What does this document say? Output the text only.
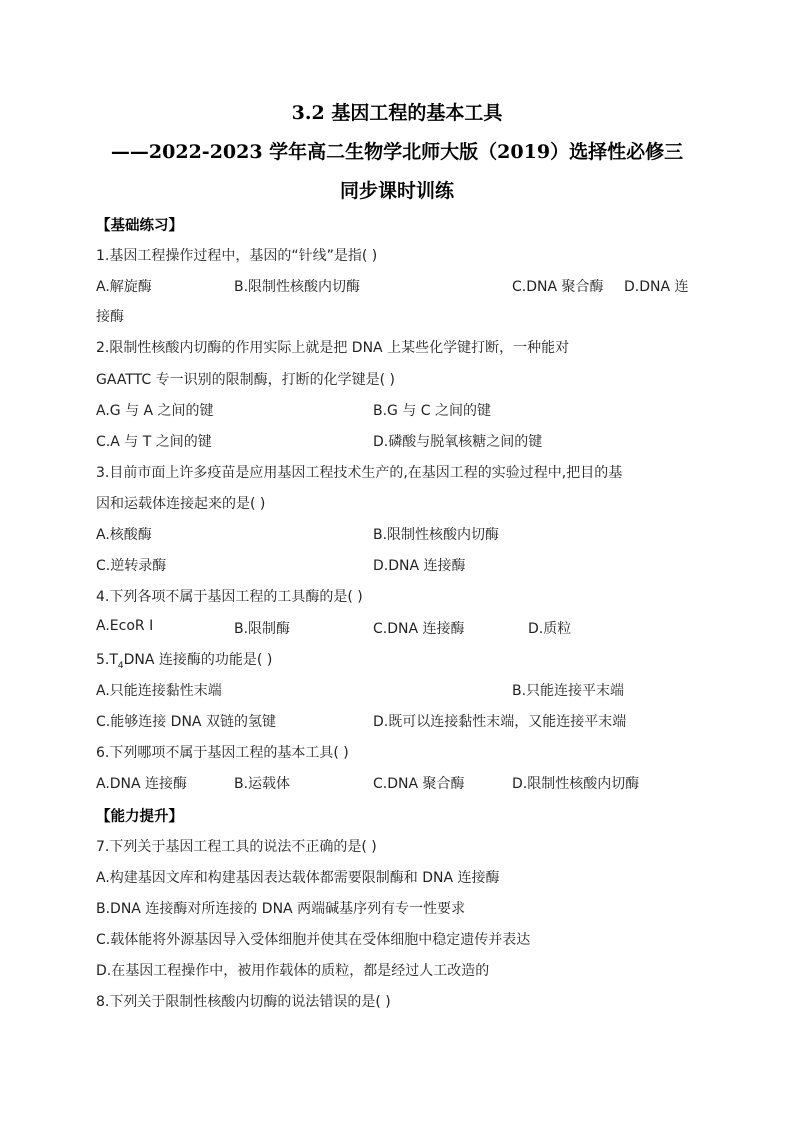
3.2 基因工程的基本工具
——2022-2023 学年高二生物学北师大版（2019）选择性必修三
同步课时训练
【基础练习】
1.基因工程操作过程中，基因的“针线”是指( )
A.解旋酶	B.限制性核酸内切酶	C.DNA 聚合酶 D.DNA 连
接酶
2.限制性核酸内切酶的作用实际上就是把 DNA 上某些化学键打断，一种能对
GAATTC 专一识别的限制酶，打断的化学键是( )
A.G 与 A 之间的键	B.G 与 C 之间的键
C.A 与 T 之间的键	D.磷酸与脱氧核糖之间的键
3.目前市面上许多疫苗是应用基因工程技术生产的,在基因工程的实验过程中,把目的基
因和运载体连接起来的是( )
A.核酸酶	B.限制性核酸内切酶
C.逆转录酶	D.DNA 连接酶
4.下列各项不属于基因工程的工具酶的是( )
A.EcoR Ⅰ	B.限制酶	C.DNA 连接酶	D.质粒
$5.T_4DNA$ 连接酶的功能是( )
A.只能连接黏性末端	B.只能连接平末端
C.能够连接 DNA 双链的氢键	D.既可以连接黏性末端，又能连接平末端
6.下列哪项不属于基因工程的基本工具( )
A.DNA 连接酶	B.运载体	C.DNA 聚合酶	D.限制性核酸内切酶
【能力提升】
7.下列关于基因工程工具的说法不正确的是( )
A.构建基因文库和构建基因表达载体都需要限制酶和 DNA 连接酶
B.DNA 连接酶对所连接的 DNA 两端碱基序列有专一性要求
C.载体能将外源基因导入受体细胞并使其在受体细胞中稳定遗传并表达
D.在基因工程操作中，被用作载体的质粒，都是经过人工改造的
8.下列关于限制性核酸内切酶的说法错误的是( )
